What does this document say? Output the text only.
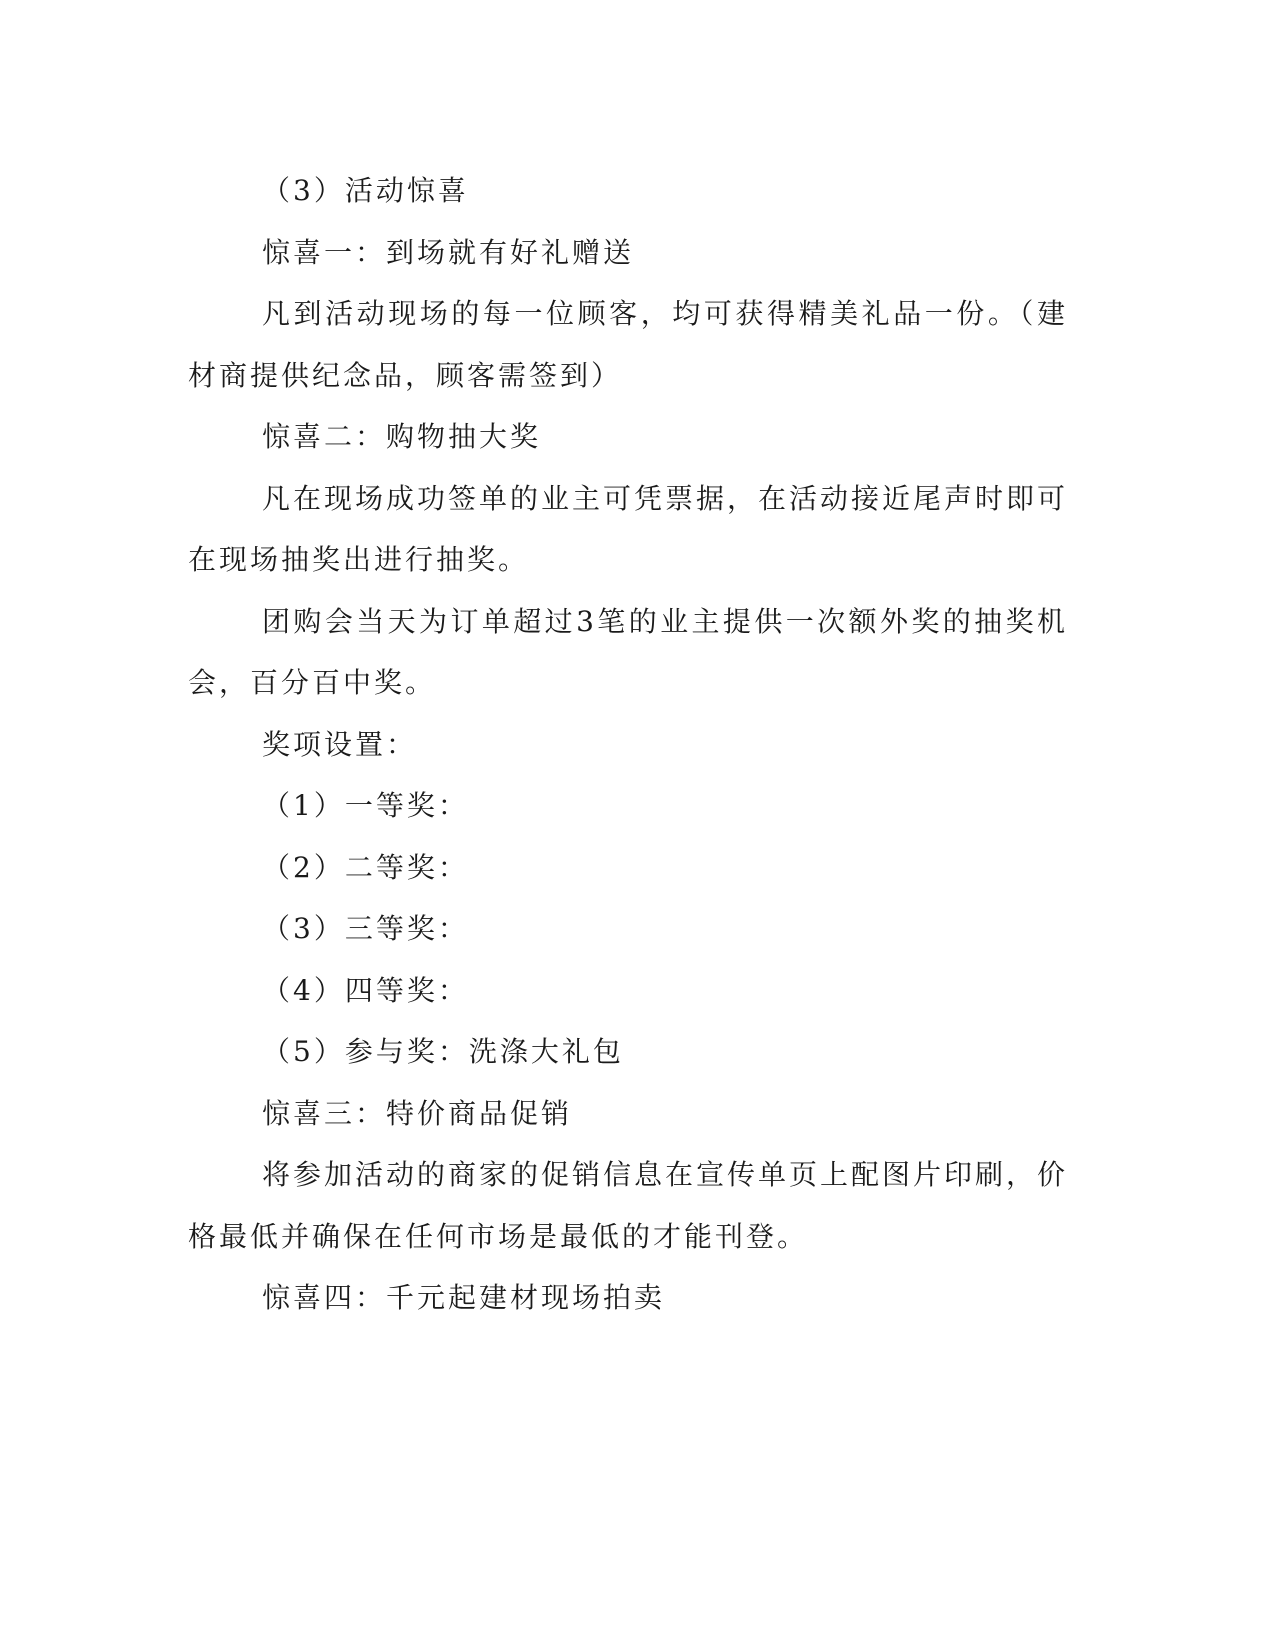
（3）活动惊喜

惊喜一：到场就有好礼赠送

凡到活动现场的每一位顾客，均可获得精美礼品一份。（建材商提供纪念品，顾客需签到）

惊喜二：购物抽大奖

凡在现场成功签单的业主可凭票据，在活动接近尾声时即可在现场抽奖出进行抽奖。

团购会当天为订单超过3笔的业主提供一次额外奖的抽奖机会，百分百中奖。

奖项设置：

（1）一等奖：

（2）二等奖：

（3）三等奖：

（4）四等奖：

（5）参与奖：洗涤大礼包

惊喜三：特价商品促销

将参加活动的商家的促销信息在宣传单页上配图片印刷，价格最低并确保在任何市场是最低的才能刊登。

惊喜四：千元起建材现场拍卖
